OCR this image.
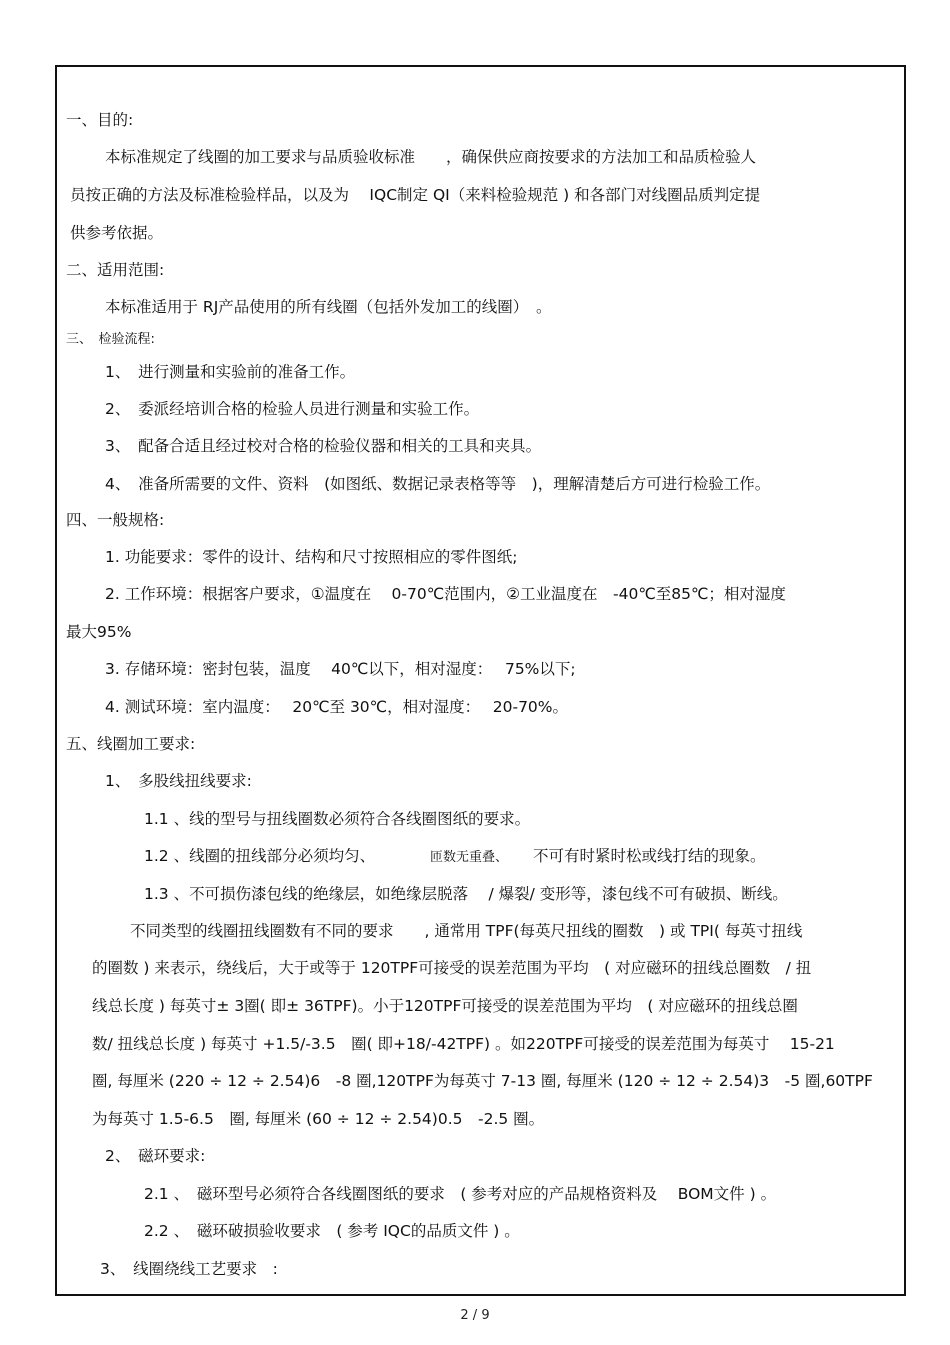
一、目的:
本标准规定了线圈的加工要求与品质验收标准　　，确保供应商按要求的方法加工和品质检验人
员按正确的方法及标准检验样品，以及为　 IQC制定 QI（来料检验规范 ) 和各部门对线圈品质判定提
供参考依据。
二、适用范围:
本标准适用于 RJ产品使用的所有线圈（包括外发加工的线圈）　。
三、　检验流程:
1、　进行测量和实验前的准备工作。
2、　委派经培训合格的检验人员进行测量和实验工作。
3、　配备合适且经过校对合格的检验仪器和相关的工具和夹具。
4、　准备所需要的文件、资料　(如图纸、数据记录表格等等　)，理解清楚后方可进行检验工作。
四、一般规格:
1. 功能要求：零件的设计、结构和尺寸按照相应的零件图纸;
2. 工作环境：根据客户要求，①温度在　 0-70℃范围内，②工业温度在　-40℃至85℃；相对湿度
最大95%
3. 存储环境：密封包装，温度　 40℃以下，相对湿度：　 75%以下;
4. 测试环境：室内温度：　 20℃至 30℃，相对湿度：　 20-70%。
五、线圈加工要求:
1、　多股线扭线要求:
1.1 、线的型号与扭线圈数必须符合各线圈图纸的要求。
1.2 、线圈的扭线部分必须均匀、	匝数无重叠、 不可有时紧时松或线打结的现象。
1.3 、不可损伤漆包线的绝缘层，如绝缘层脱落　 / 爆裂/ 变形等，漆包线不可有破损、断线。
不同类型的线圈扭线圈数有不同的要求　　, 通常用 TPF(每英尺扭线的圈数　) 或 TPI( 每英寸扭线
的圈数 ) 来表示，绕线后，大于或等于 120TPF可接受的误差范围为平均　( 对应磁环的扭线总圈数　/ 扭
线总长度 ) 每英寸± 3圈( 即± 36TPF)。小于120TPF可接受的误差范围为平均　( 对应磁环的扭线总圈
数/ 扭线总长度 ) 每英寸 +1.5/-3.5　圈( 即+18/-42TPF) 。如220TPF可接受的误差范围为每英寸　 15-21
圈, 每厘米 (220 ÷ 12 ÷ 2.54)6　-8 圈,120TPF为每英寸 7-13 圈, 每厘米 (120 ÷ 12 ÷ 2.54)3　-5 圈,60TPF
为每英寸 1.5-6.5　圈, 每厘米 (60 ÷ 12 ÷ 2.54)0.5　-2.5 圈。
2、　磁环要求:
2.1 、　磁环型号必须符合各线圈图纸的要求　( 参考对应的产品规格资料及　 BOM文件 ) 。
2.2 、　磁环破损验收要求　( 参考 IQC的品质文件 ) 。
3、　线圈绕线工艺要求　:
2 / 9
